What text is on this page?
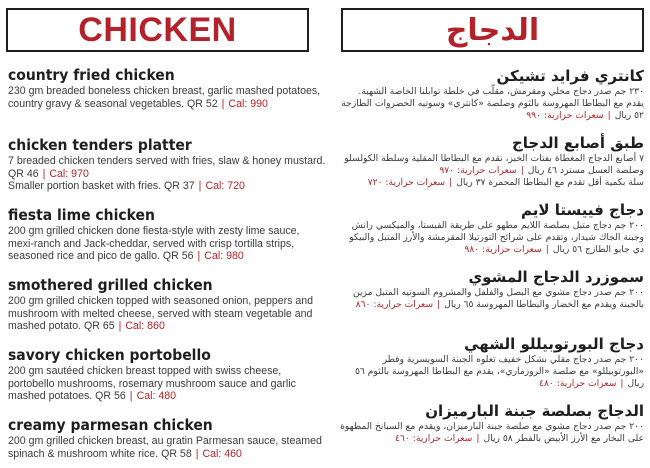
CHICKEN	الدجاج
country fried chicken
230 gm breaded boneless chicken breast, garlic mashed potatoes, country gravy & seasonal vegetables. QR 52 | Cal: 990
chicken tenders platter
7 breaded chicken tenders served with fries, slaw & honey mustard. QR 46 | Cal: 970
Smaller portion basket with fries. QR 37 | Cal: 720
fiesta lime chicken
200 gm grilled chicken done fiesta-style with zesty lime sauce, mexi-ranch and Jack-cheddar, served with crisp tortilla strips, seasoned rice and pico de gallo. QR 56 | Cal: 980
smothered grilled chicken
200 gm grilled chicken topped with seasoned onion, peppers and mushroom with melted cheese, served with steam vegetable and mashed potato. QR 65 | Cal: 860
savory chicken portobello
200 gm sautéed chicken breast topped with swiss cheese, portobello mushrooms, rosemary mushroom sauce and garlic mashed potatoes. QR 56 | Cal: 480
creamy parmesan chicken
200 gm grilled chicken breast, au gratin Parmesan sauce, steamed spinach & mushroom white rice. QR 58 | Cal: 460
كانتري فرايد تشيكن
٢٣٠ جم صدر دجاج مخلي ومقرمش، مقلّب في خلطة توابلنا الخاصة الشهية. يقدم مع البطاطا المهروسة بالثوم وصلصة «كانتري» وسوتيه الخضروات الطازجة ٥٢ ريال|سعرات حرارية: ٩٩٠
طبق أصابع الدجاج
٧ أصابع الدجاج المغطاة بفتات الخبز، تقدم مع البطاطا المقلية وسلطة الكولسلو وصلصة العسل مسترد ٤٦ ريال|سعرات حرارية: ٩٧٠
سلة بكمية أقل تقدم مع البطاطا المحمرة ٣٧ ريال|سعرات حرارية: ٧٢٠
دجاج فييستا لايم
٢٠٠ جم دجاج متبل بصلصة اللايم مطهو على طريقة الفيستا، والميكسي رانش وجبنة الجاك شيدار، وتقدم على شرائح التورتيلا المقرمشة والأرز المتبل والبيكو دي جايو الطازج ٥٦ ريال|سعرات حرارية: ٩٨٠
سموزرد الدجاج المشوي
٢٠٠ جم صدر دجاج مشوي مع البصل والفلفل والمشروم السوتيه المتبل مزين بالجبنة ويقدم مع الخضار والبطاطا المهروسة ٦٥ ريال|سعرات حرارية: ٨٦٠
دجاج البورتوبيللو الشهي
٢٠٠ جم صدر دجاج مقلي بشكل خفيف تعلوه الجبنة السويسرية وفطر «البورتوبيللو» مع صلصة «الروزماري»، يقدم مع البطاطا المهروسة بالثوم ٥٦ ريال|سعرات حرارية: ٤٨٠
الدجاج بصلصة جبنة البارميزان
٢٠٠ جم صدر دجاج مشوي مع صلصة جبنة البارميزان، ويقدم مع السبانخ المطهوة على البخار مع الأرز الأبيض بالفطر ٥٨ ريال|سعرات حرارية: ٤٦٠
